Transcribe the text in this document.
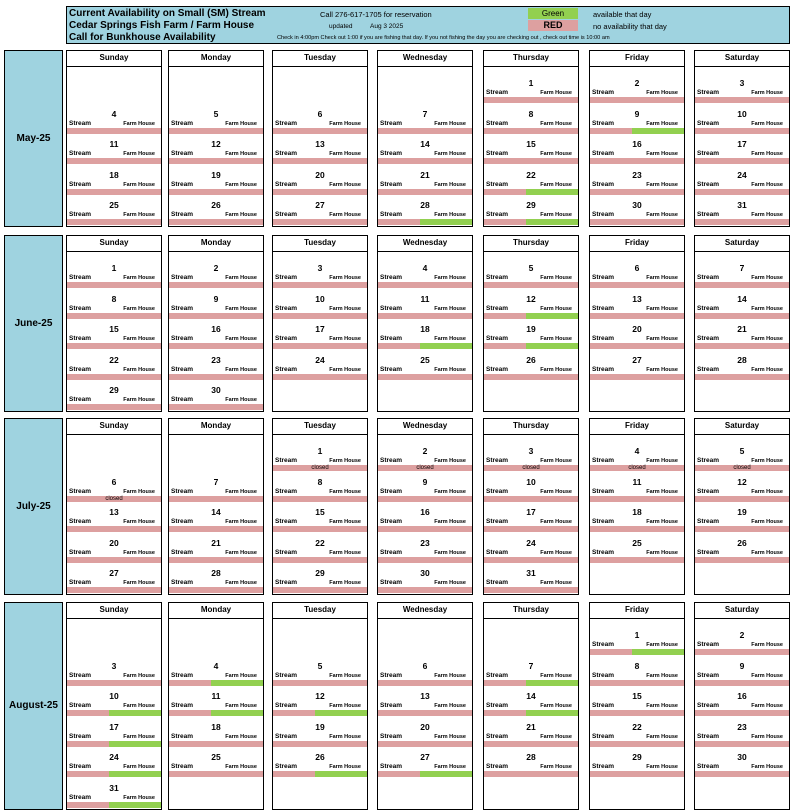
Current Availability on Small (SM) Stream
Cedar Springs Fish Farm / Farm House
Call for Bunkhouse Availability
Call 276-617-1705 for reservation
updated	Aug 3 2025
Check in 4:00pm Check out 1:00 if you are fishing that day. If you not fishing the day you are checking out , check out time is 10:00 am
Green
RED
available that day
no availability that day
May-25
Sunday
4
Stream	Farm House
11
Stream	Farm House
18
Stream	Farm House
25
Stream	Farm House
Monday
5
Stream	Farm House
12
Stream	Farm House
19
Stream	Farm House
26
Stream	Farm House
Tuesday
6
Stream	Farm House
13
Stream	Farm House
20
Stream	Farm House
27
Stream	Farm House
Wednesday
7
Stream	Farm House
14
Stream	Farm House
21
Stream	Farm House
28
Stream	Farm House
Thursday
1
Stream	Farm House
8
Stream	Farm House
15
Stream	Farm House
22
Stream	Farm House
29
Stream	Farm House
Friday
2
Stream	Farm House
9
Stream	Farm House
16
Stream	Farm House
23
Stream	Farm House
30
Stream	Farm House
Saturday
3
Stream	Farm House
10
Stream	Farm House
17
Stream	Farm House
24
Stream	Farm House
31
Stream	Farm House
June-25
Sunday
1
Stream	Farm House
8
Stream	Farm House
15
Stream	Farm House
22
Stream	Farm House
29
Stream	Farm House
Monday
2
Stream	Farm House
9
Stream	Farm House
16
Stream	Farm House
23
Stream	Farm House
30
Stream	Farm House
Tuesday
3
Stream	Farm House
10
Stream	Farm House
17
Stream	Farm House
24
Stream	Farm House
Wednesday
4
Stream	Farm House
11
Stream	Farm House
18
Stream	Farm House
25
Stream	Farm House
Thursday
5
Stream	Farm House
12
Stream	Farm House
19
Stream	Farm House
26
Stream	Farm House
Friday
6
Stream	Farm House
13
Stream	Farm House
20
Stream	Farm House
27
Stream	Farm House
Saturday
7
Stream	Farm House
14
Stream	Farm House
21
Stream	Farm House
28
Stream	Farm House
July-25
Sunday
6
Stream	Farm House
closed
13
Stream	Farm House
20
Stream	Farm House
27
Stream	Farm House
Monday
7
Stream	Farm House
14
Stream	Farm House
21
Stream	Farm House
28
Stream	Farm House
Tuesday
1
Stream	Farm House
closed
8
Stream	Farm House
15
Stream	Farm House
22
Stream	Farm House
29
Stream	Farm House
Wednesday
2
Stream	Farm House
closed
9
Stream	Farm House
16
Stream	Farm House
23
Stream	Farm House
30
Stream	Farm House
Thursday
3
Stream	Farm House
closed
10
Stream	Farm House
17
Stream	Farm House
24
Stream	Farm House
31
Stream	Farm House
Friday
4
Stream	Farm House
closed
11
Stream	Farm House
18
Stream	Farm House
25
Stream	Farm House
Saturday
5
Stream	Farm House
closed
12
Stream	Farm House
19
Stream	Farm House
26
Stream	Farm House
August-25
Sunday
3
Stream	Farm House
10
Stream	Farm House
17
Stream	Farm House
24
Stream	Farm House
31
Stream	Farm House
Monday
4
Stream	Farm House
11
Stream	Farm House
18
Stream	Farm House
25
Stream	Farm House
Tuesday
5
Stream	Farm House
12
Stream	Farm House
19
Stream	Farm House
26
Stream	Farm House
Wednesday
6
Stream	Farm House
13
Stream	Farm House
20
Stream	Farm House
27
Stream	Farm House
Thursday
7
Stream	Farm House
14
Stream	Farm House
21
Stream	Farm House
28
Stream	Farm House
Friday
1
Stream	Farm House
8
Stream	Farm House
15
Stream	Farm House
22
Stream	Farm House
29
Stream	Farm House
Saturday
2
Stream	Farm House
9
Stream	Farm House
16
Stream	Farm House
23
Stream	Farm House
30
Stream	Farm House
